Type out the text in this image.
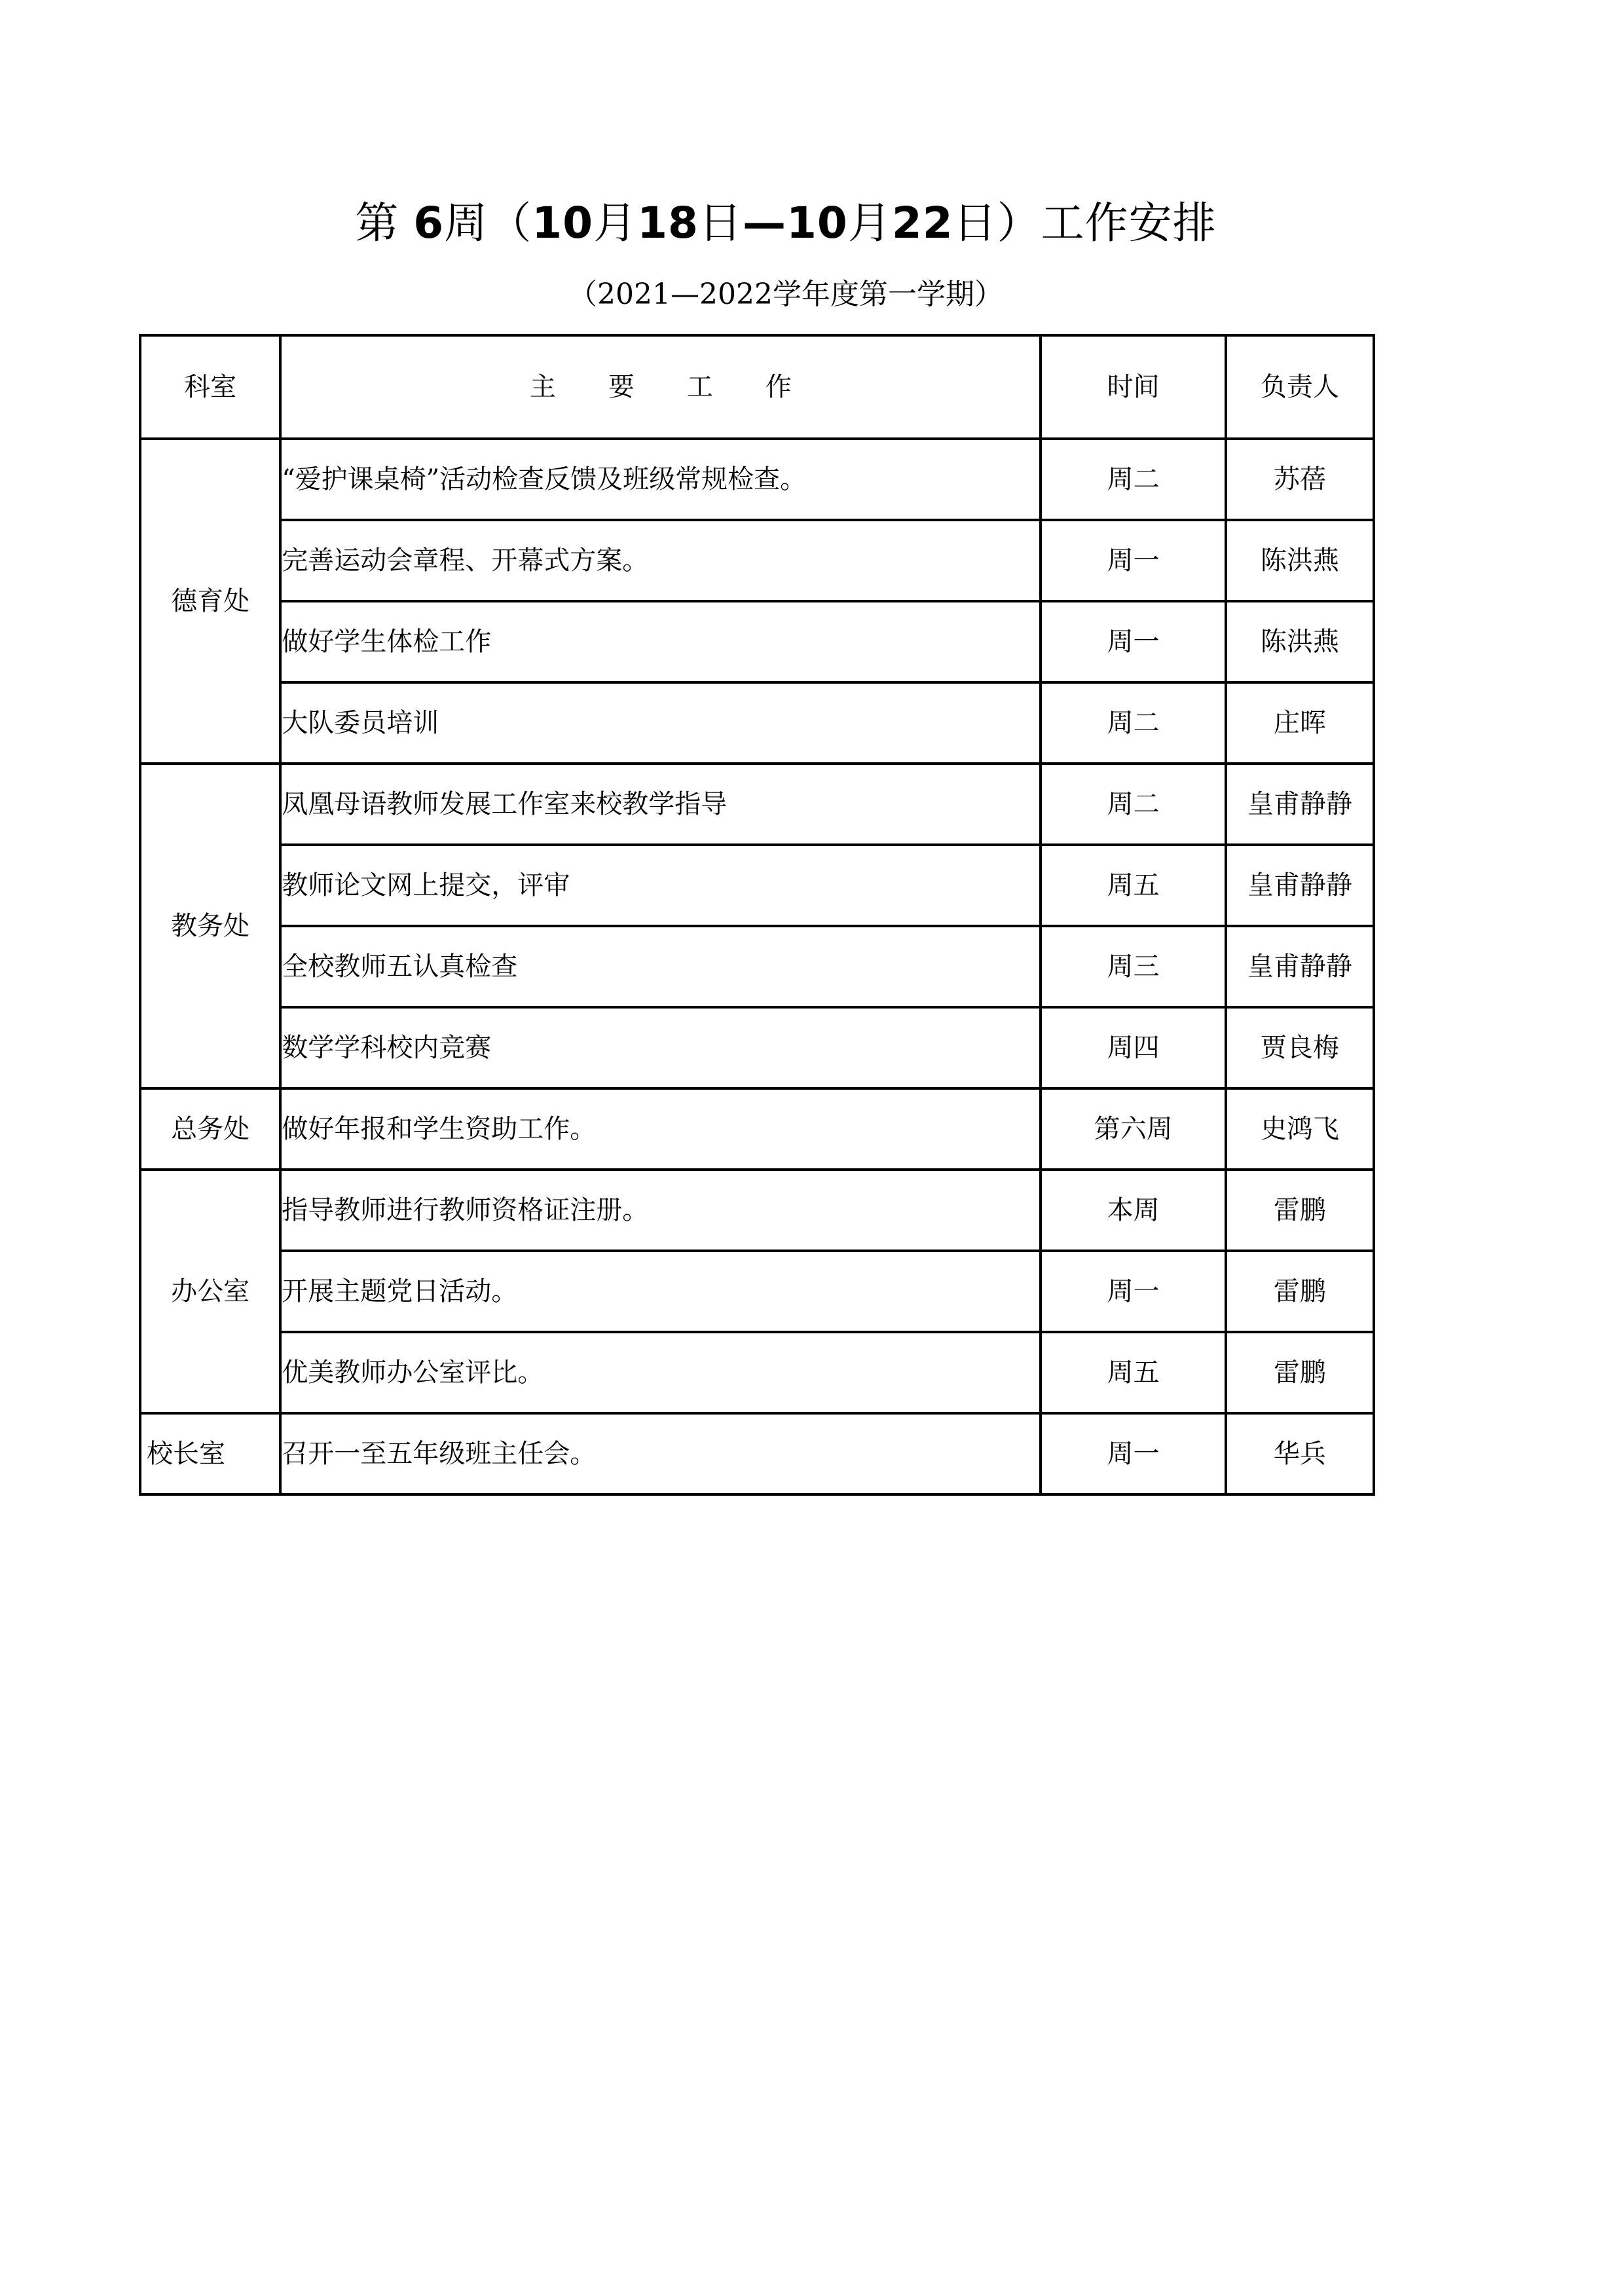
第 6周（10月18日—10月22日）工作安排
（2021—2022学年度第一学期）
科室	主　　要　　工　　作	时间	负责人
德育处	“爱护课桌椅”活动检查反馈及班级常规检查。	周二	苏蓓
	完善运动会章程、开幕式方案。	周一	陈洪燕
	做好学生体检工作	周一	陈洪燕
	大队委员培训	周二	庄晖
教务处	凤凰母语教师发展工作室来校教学指导	周二	皇甫静静
	教师论文网上提交，评审	周五	皇甫静静
	全校教师五认真检查	周三	皇甫静静
	数学学科校内竞赛	周四	贾良梅
总务处	做好年报和学生资助工作。	第六周	史鸿飞
办公室	指导教师进行教师资格证注册。	本周	雷鹏
	开展主题党日活动。	周一	雷鹏
	优美教师办公室评比。	周五	雷鹏
校长室	召开一至五年级班主任会。	周一	华兵
